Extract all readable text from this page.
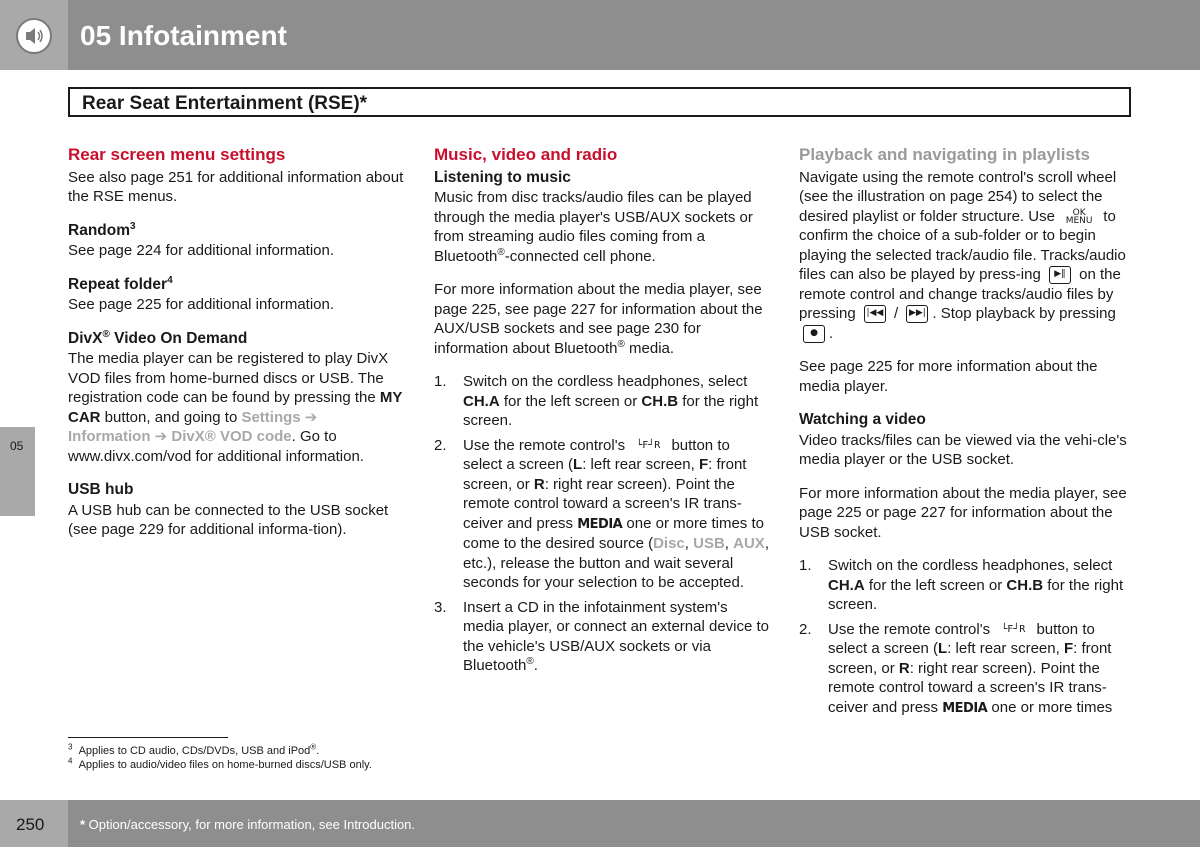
05 Infotainment
Rear Seat Entertainment (RSE)*
05
Rear screen menu settings

See also page 251 for additional information about the RSE menus.

Random$^3$
See page 224 for additional information.
Repeat folder$^4$
See page 225 for additional information.
DivX® Video On Demand
The media player can be registered to play DivX VOD files from home-burned discs or USB. The registration code can be found by pressing the MY CAR button, and going to Settings ➔ Information ➔ DivX® VOD code. Go to www.divx.com/vod for additional information.
USB hub
A USB hub can be connected to the USB socket (see page 229 for additional informa-tion).
Music, video and radio
Listening to music
Music from disc tracks/audio files can be played through the media player's USB/AUX sockets or from streaming audio files coming from a Bluetooth®-connected cell phone.

For more information about the media player, see page 225, see page 227 for information about the AUX/USB sockets and see page 230 for information about Bluetooth® media.

1. Switch on the cordless headphones, select CH.A for the left screen or CH.B for the right screen.
2. Use the remote control's └F┘R button to select a screen (L: left rear screen, F: front screen, or R: right rear screen). Point the remote control toward a screen's IR trans-ceiver and press MEDIA one or more times to come to the desired source (Disc, USB, AUX, etc.), release the button and wait several seconds for your selection to be accepted.
3. Insert a CD in the infotainment system's media player, or connect an external device to the vehicle's USB/AUX sockets or via Bluetooth®.
Playback and navigating in playlists

Navigate using the remote control's scroll wheel (see the illustration on page 254) to select the desired playlist or folder structure. Use OK
MENU to confirm the choice of a sub-folder or to begin playing the selected track/audio file. Tracks/audio files can also be played by press-ing ▶‖ on the remote control and change tracks/audio files by pressing |◀◀ / ▶▶| . Stop playback by pressing ● .

See page 225 for more information about the media player.

Watching a video
Video tracks/files can be viewed via the vehi-cle's media player or the USB socket.

For more information about the media player, see page 225 or page 227 for information about the USB socket.

1. Switch on the cordless headphones, select CH.A for the left screen or CH.B for the right screen.
2. Use the remote control's └F┘R button to select a screen (L: left rear screen, F: front screen, or R: right rear screen). Point the remote control toward a screen's IR trans-ceiver and press MEDIA one or more times
$^3$ Applies to CD audio, CDs/DVDs, USB and iPod®.
$^4$ Applies to audio/video files on home-burned discs/USB only.
250	* Option/accessory, for more information, see Introduction.
